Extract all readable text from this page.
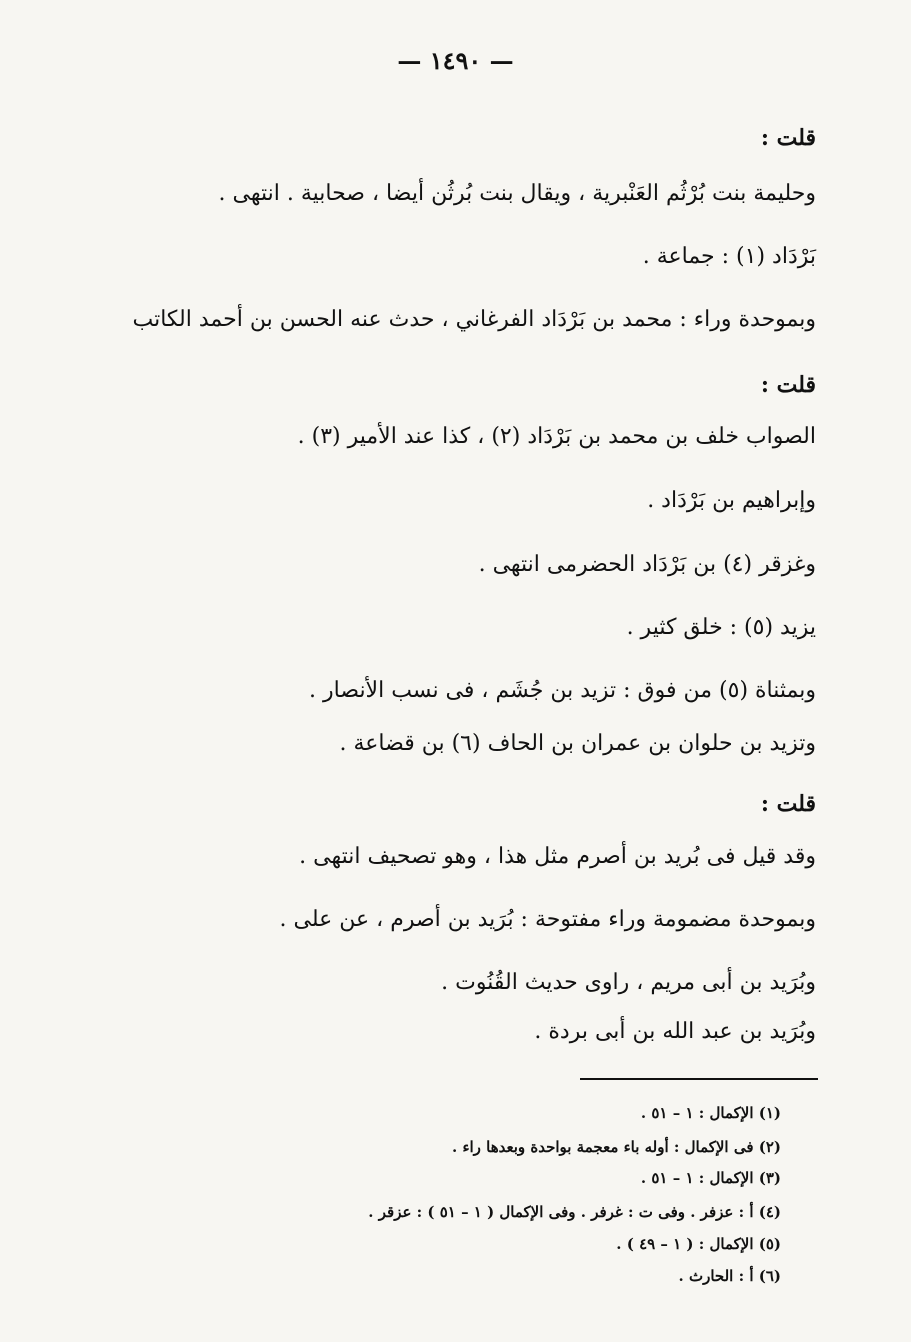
— ١٤٩٠ —
قلت :
وحليمة بنت بُرْثُم العَنْبرية ، ويقال بنت بُرثُن أيضا ، صحابية . انتهى .
بَرْدَاد (١) : جماعة .
وبموحدة وراء : محمد بن بَرْدَاد الفرغاني ، حدث عنه الحسن بن أحمد الكاتب
قلت :
الصواب خلف بن محمد بن بَرْدَاد (٢) ، كذا عند الأمير (٣) .
وإبراهيم بن بَرْدَاد .
وغزقر (٤) بن بَرْدَاد الحضرمى انتهى .
يزيد (٥) : خلق كثير .
وبمثناة (٥) من فوق : تزيد بن جُشَم ، فى نسب الأنصار .
وتزيد بن حلوان بن عمران بن الحاف (٦) بن قضاعة .
قلت :
وقد قيل فى بُريد بن أصرم مثل هذا ، وهو تصحيف انتهى .
وبموحدة مضمومة وراء مفتوحة : بُرَيد بن أصرم ، عن على .
وبُرَيد بن أبى مريم ، راوى حديث القُنُوت .
وبُرَيد بن عبد الله بن أبى بردة .
(١) الإكمال : ١ – ٥١ .
(٢) فى الإكمال : أوله باء معجمة بواحدة وبعدها راء .
(٣) الإكمال : ١ – ٥١ .
(٤) أ : عزفر . وفى ت : غرفر . وفى الإكمال ( ١ – ٥١ ) : عزقر .
(٥) الإكمال : ( ١ – ٤٩ ) .
(٦) أ : الحارث .
